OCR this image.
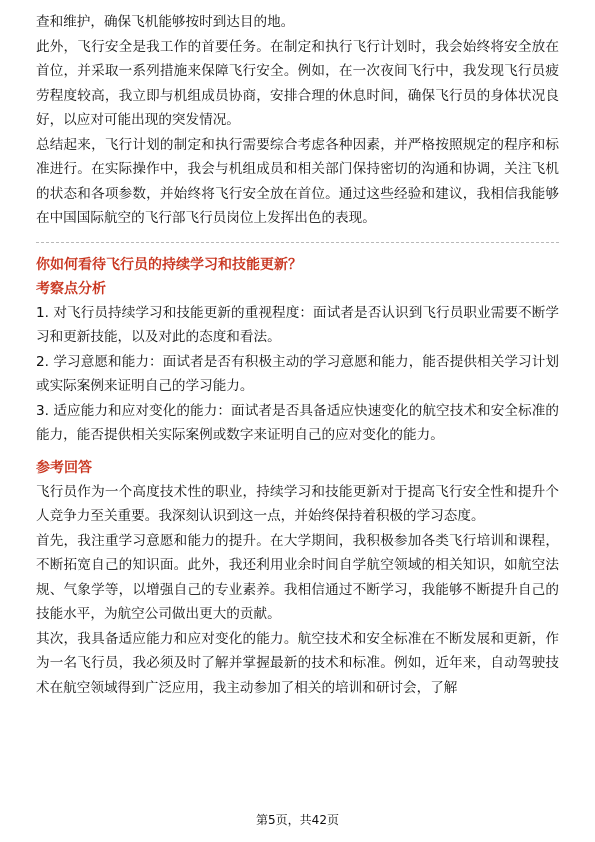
查和维护，确保飞机能够按时到达目的地。

此外，飞行安全是我工作的首要任务。在制定和执行飞行计划时，我会始终将安全放在首位，并采取一系列措施来保障飞行安全。例如，在一次夜间飞行中，我发现飞行员疲劳程度较高，我立即与机组成员协商，安排合理的休息时间，确保飞行员的身体状况良好，以应对可能出现的突发情况。

总结起来，飞行计划的制定和执行需要综合考虑各种因素，并严格按照规定的程序和标准进行。在实际操作中，我会与机组成员和相关部门保持密切的沟通和协调，关注飞机的状态和各项参数，并始终将飞行安全放在首位。通过这些经验和建议，我相信我能够在中国国际航空的飞行部飞行员岗位上发挥出色的表现。

你如何看待飞行员的持续学习和技能更新？

考察点分析

1. 对飞行员持续学习和技能更新的重视程度：面试者是否认识到飞行员职业需要不断学习和更新技能，以及对此的态度和看法。

2. 学习意愿和能力：面试者是否有积极主动的学习意愿和能力，能否提供相关学习计划或实际案例来证明自己的学习能力。

3. 适应能力和应对变化的能力：面试者是否具备适应快速变化的航空技术和安全标准的能力，能否提供相关实际案例或数字来证明自己的应对变化的能力。

参考回答

飞行员作为一个高度技术性的职业，持续学习和技能更新对于提高飞行安全性和提升个人竞争力至关重要。我深刻认识到这一点，并始终保持着积极的学习态度。

首先，我注重学习意愿和能力的提升。在大学期间，我积极参加各类飞行培训和课程，不断拓宽自己的知识面。此外，我还利用业余时间自学航空领域的相关知识，如航空法规、气象学等，以增强自己的专业素养。我相信通过不断学习，我能够不断提升自己的技能水平，为航空公司做出更大的贡献。

其次，我具备适应能力和应对变化的能力。航空技术和安全标准在不断发展和更新，作为一名飞行员，我必须及时了解并掌握最新的技术和标准。例如，近年来，自动驾驶技术在航空领域得到广泛应用，我主动参加了相关的培训和研讨会，了解

第5页，共42页
